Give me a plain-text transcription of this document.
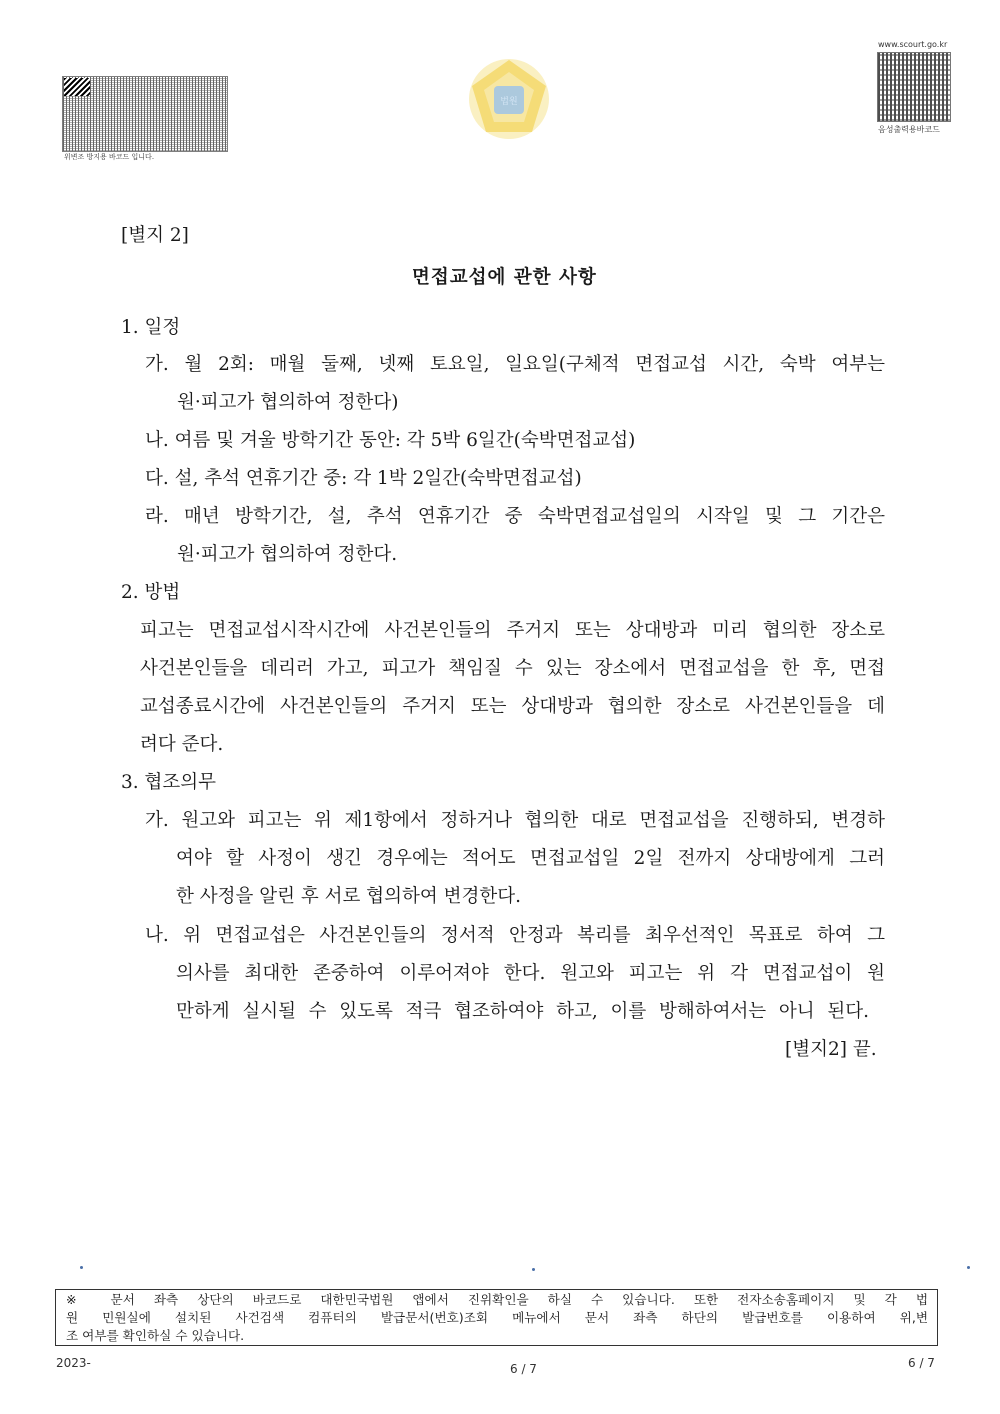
위변조 방지용 바코드 입니다.
법원
www.scourt.go.kr
음성출력용바코드
[별지 2]
면접교섭에 관한 사항
1. 일정
가. 월 2회: 매월 둘째, 넷째 토요일, 일요일(구체적 면접교섭 시간, 숙박 여부는
원·피고가 협의하여 정한다)
나. 여름 및 겨울 방학기간 동안: 각 5박 6일간(숙박면접교섭)
다. 설, 추석 연휴기간 중: 각 1박 2일간(숙박면접교섭)
라. 매년 방학기간, 설, 추석 연휴기간 중 숙박면접교섭일의 시작일 및 그 기간은
원·피고가 협의하여 정한다.
2. 방법
피고는 면접교섭시작시간에 사건본인들의 주거지 또는 상대방과 미리 협의한 장소로
사건본인들을 데리러 가고, 피고가 책임질 수 있는 장소에서 면접교섭을 한 후, 면접
교섭종료시간에 사건본인들의 주거지 또는 상대방과 협의한 장소로 사건본인들을 데
려다 준다.
3. 협조의무
가. 원고와 피고는 위 제1항에서 정하거나 협의한 대로 면접교섭을 진행하되, 변경하
여야 할 사정이 생긴 경우에는 적어도 면접교섭일 2일 전까지 상대방에게 그러
한 사정을 알린 후 서로 협의하여 변경한다.
나. 위 면접교섭은 사건본인들의 정서적 안정과 복리를 최우선적인 목표로 하여 그
의사를 최대한 존중하여 이루어져야 한다. 원고와 피고는 위 각 면접교섭이 원
만하게 실시될 수 있도록 적극 협조하여야 하고, 이를 방해하여서는 아니 된다.
[별지2] 끝.
※ 문서 좌측 상단의 바코드로 대한민국법원 앱에서 진위확인을 하실 수 있습니다. 또한 전자소송홈페이지 및 각 법
원 민원실에 설치된 사건검색 컴퓨터의 발급문서(번호)조회 메뉴에서 문서 좌측 하단의 발급번호를 이용하여 위,변
조 여부를 확인하실 수 있습니다.
2023-	6 / 7	6 / 7
